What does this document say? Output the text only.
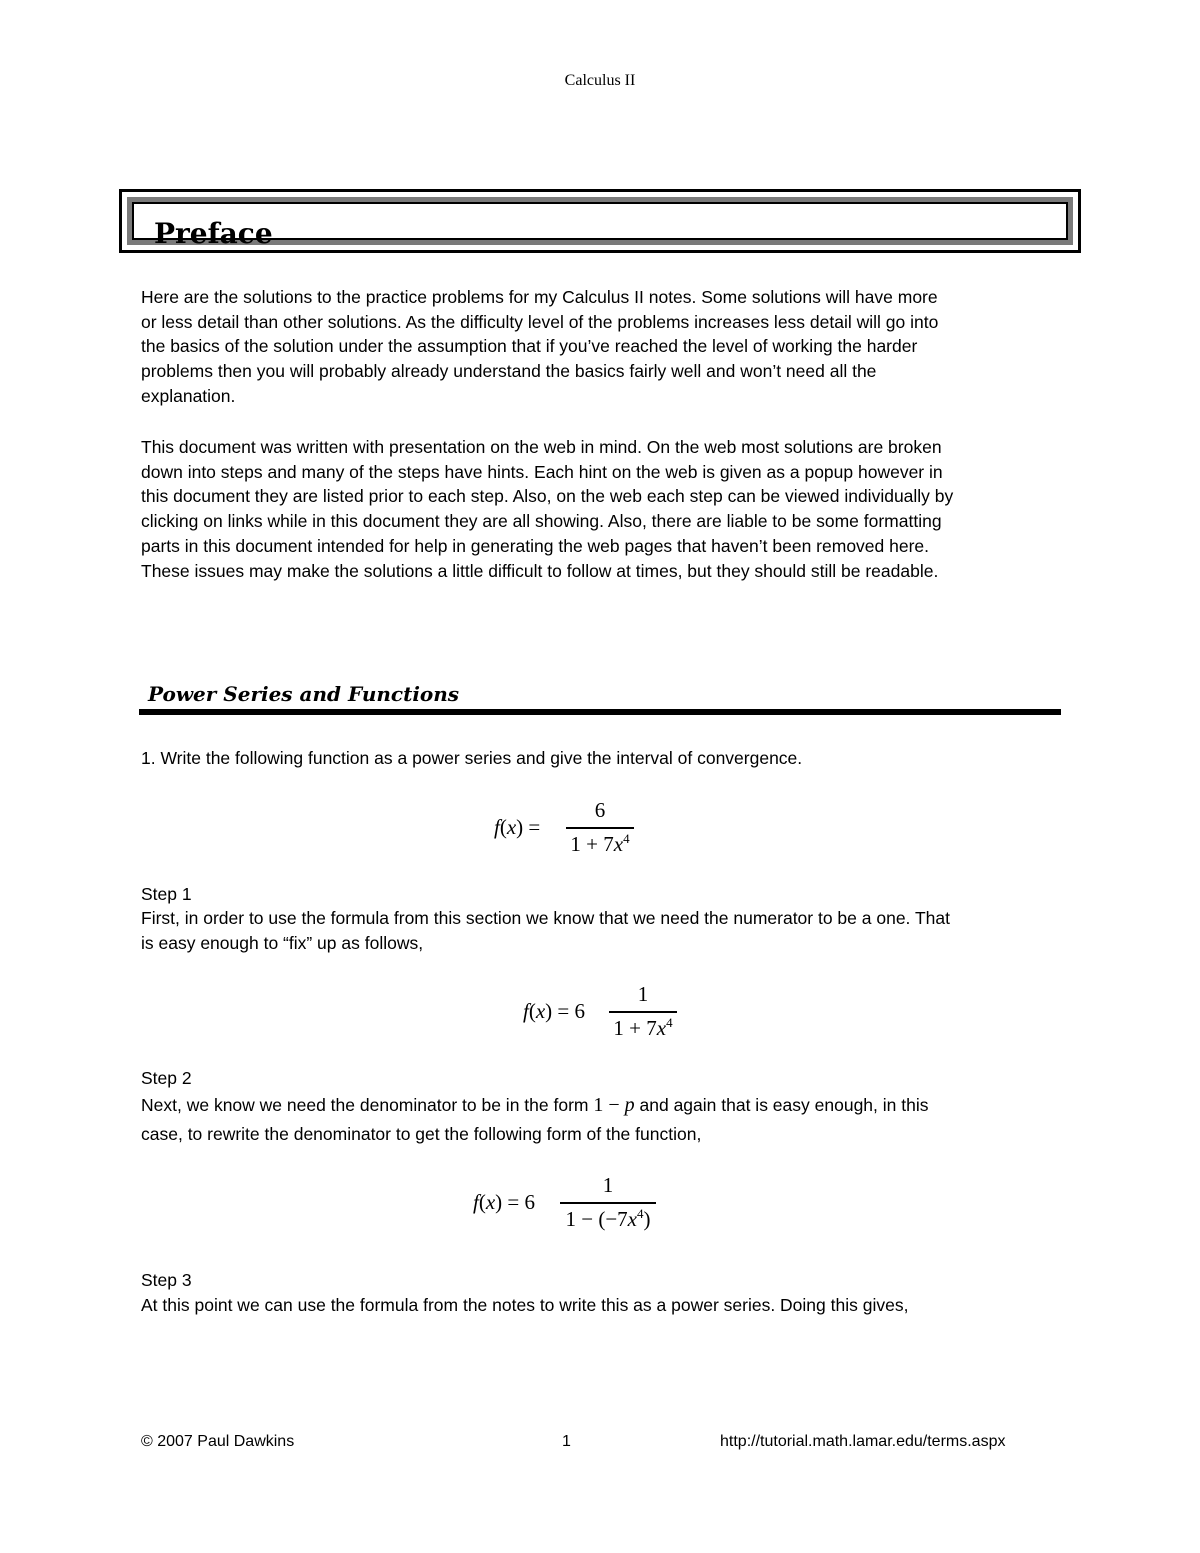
Calculus II
Preface

Here are the solutions to the practice problems for my Calculus II notes. Some solutions will have more

or less detail than other solutions. As the difficulty level of the problems increases less detail will go into

the basics of the solution under the assumption that if you’ve reached the level of working the harder

problems then you will probably already understand the basics fairly well and won’t need all the

explanation.

This document was written with presentation on the web in mind. On the web most solutions are broken

down into steps and many of the steps have hints. Each hint on the web is given as a popup however in

this document they are listed prior to each step. Also, on the web each step can be viewed individually by

clicking on links while in this document they are all showing. Also, there are liable to be some formatting

parts in this document intended for help in generating the web pages that haven’t been removed here.

These issues may make the solutions a little difficult to follow at times, but they should still be readable.

Power Series and Functions
1. Write the following function as a power series and give the interval of convergence.
f(x) =
6
$1 + 7x^4$
Step 1
First, in order to use the formula from this section we know that we need the numerator to be a one. That
is easy enough to “fix” up as follows,
f(x) = 6
1
$1 + 7x^4$
Step 2
Next, we know we need the denominator to be in the form 1 − p and again that is easy enough, in this
case, to rewrite the denominator to get the following form of the function,
f(x) = 6
1
$1 - (-7x^4)$
Step 3
At this point we can use the formula from the notes to write this as a power series. Doing this gives,
© 2007 Paul Dawkins	1	http://tutorial.math.lamar.edu/terms.aspx
